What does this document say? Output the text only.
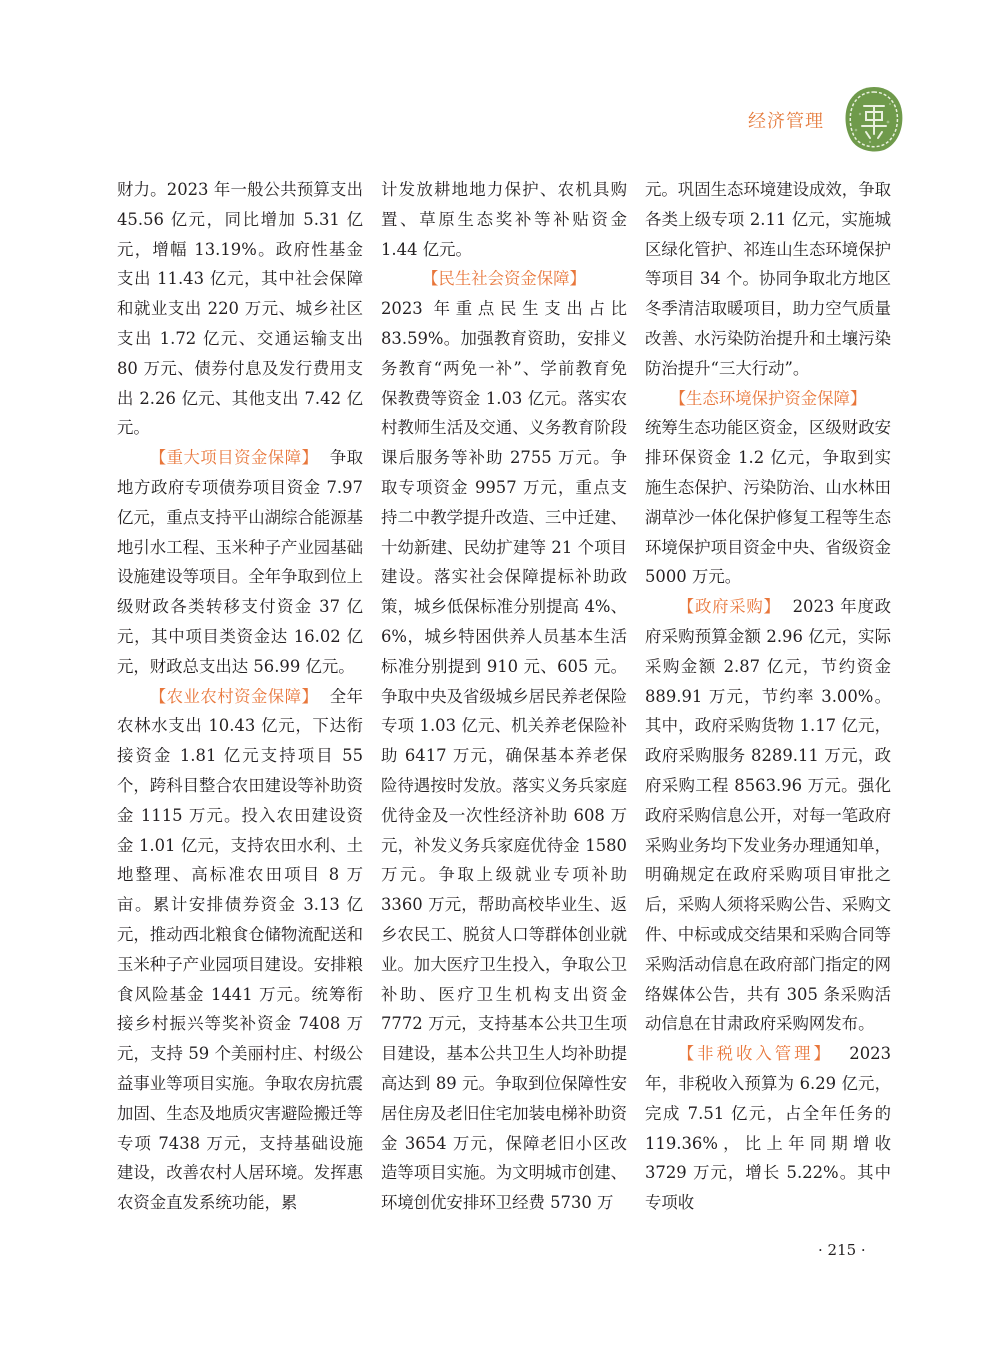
经济管理

财力。2023 年一般公共预算支出 45.56 亿元，同比增加 5.31 亿元，增幅 13.19%。政府性基金支出 11.43 亿元，其中社会保障和就业支出 220 万元、城乡社区支出 1.72 亿元、交通运输支出 80 万元、债券付息及发行费用支出 2.26 亿元、其他支出 7.42 亿元。

【重大项目资金保障】 争取地方政府专项债券项目资金 7.97 亿元，重点支持平山湖综合能源基地引水工程、玉米种子产业园基础设施建设等项目。全年争取到位上级财政各类转移支付资金 37 亿元，其中项目类资金达 16.02 亿元，财政总支出达 56.99 亿元。

【农业农村资金保障】 全年农林水支出 10.43 亿元，下达衔接资金 1.81 亿元支持项目 55 个，跨科目整合农田建设等补助资金 1115 万元。投入农田建设资金 1.01 亿元，支持农田水利、土地整理、高标准农田项目 8 万亩。累计安排债券资金 3.13 亿元，推动西北粮食仓储物流配送和玉米种子产业园项目建设。安排粮食风险基金 1441 万元。统筹衔接乡村振兴等奖补资金 7408 万元，支持 59 个美丽村庄、村级公益事业等项目实施。争取农房抗震加固、生态及地质灾害避险搬迁等专项 7438 万元，支持基础设施建设，改善农村人居环境。发挥惠农资金直发系统功能，累

计发放耕地地力保护、农机具购置、草原生态奖补等补贴资金 1.44 亿元。

【民生社会资金保障】

2023 年重点民生支出占比 83.59%。加强教育资助，安排义务教育“两免一补”、学前教育免保教费等资金 1.03 亿元。落实农村教师生活及交通、义务教育阶段课后服务等补助 2755 万元。争取专项资金 9957 万元，重点支持二中教学提升改造、三中迁建、十幼新建、民幼扩建等 21 个项目建设。落实社会保障提标补助政策，城乡低保标准分别提高 4%、6%，城乡特困供养人员基本生活标准分别提到 910 元、605 元。争取中央及省级城乡居民养老保险专项 1.03 亿元、机关养老保险补助 6417 万元，确保基本养老保险待遇按时发放。落实义务兵家庭优待金及一次性经济补助 608 万元，补发义务兵家庭优待金 1580 万元。争取上级就业专项补助 3360 万元，帮助高校毕业生、返乡农民工、脱贫人口等群体创业就业。加大医疗卫生投入，争取公卫补助、医疗卫生机构支出资金 7772 万元，支持基本公共卫生项目建设，基本公共卫生人均补助提高达到 89 元。争取到位保障性安居住房及老旧住宅加装电梯补助资金 3654 万元，保障老旧小区改造等项目实施。为文明城市创建、环境创优安排环卫经费 5730 万

元。巩固生态环境建设成效，争取各类上级专项 2.11 亿元，实施城区绿化管护、祁连山生态环境保护等项目 34 个。协同争取北方地区冬季清洁取暖项目，助力空气质量改善、水污染防治提升和土壤污染防治提升“三大行动”。

【生态环境保护资金保障】

统筹生态功能区资金，区级财政安排环保资金 1.2 亿元，争取到实施生态保护、污染防治、山水林田湖草沙一体化保护修复工程等生态环境保护项目资金中央、省级资金 5000 万元。

【政府采购】 2023 年度政府采购预算金额 2.96 亿元，实际采购金额 2.87 亿元，节约资金 889.91 万元，节约率 3.00%。其中，政府采购货物 1.17 亿元，政府采购服务 8289.11 万元，政府采购工程 8563.96 万元。强化政府采购信息公开，对每一笔政府采购业务均下发业务办理通知单，明确规定在政府采购项目审批之后，采购人须将采购公告、采购文件、中标或成交结果和采购合同等采购活动信息在政府部门指定的网络媒体公告，共有 305 条采购活动信息在甘肃政府采购网发布。

【非税收入管理】 2023 年，非税收入预算为 6.29 亿元，完成 7.51 亿元，占全年任务的 119.36%，比上年同期增收 3729 万元，增长 5.22%。其中专项收

· 215 ·
